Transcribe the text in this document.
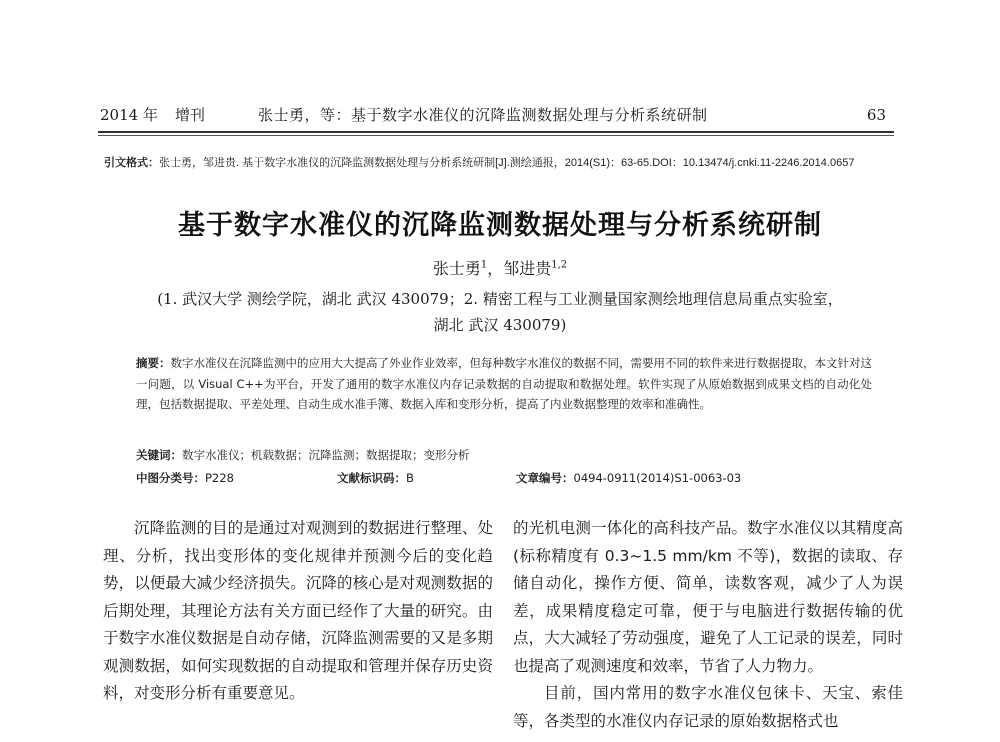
2014 年 增刊	张士勇，等：基于数字水准仪的沉降监测数据处理与分析系统研制	63
引文格式：张士勇，邹进贵. 基于数字水准仪的沉降监测数据处理与分析系统研制[J].测绘通报，2014(S1)：63-65.DOI：10.13474/j.cnki.11-2246.2014.0657
基于数字水准仪的沉降监测数据处理与分析系统研制
张士勇$^1$，邹进贵$^{1,2}$
(1. 武汉大学 测绘学院，湖北 武汉 430079；2. 精密工程与工业测量国家测绘地理信息局重点实验室，
湖北 武汉 430079)
摘要：数字水准仪在沉降监测中的应用大大提高了外业作业效率，但每种数字水准仪的数据不同，需要用不同的软件来进行数据提取，本文针对这一问题，以 Visual C++为平台，开发了通用的数字水准仪内存记录数据的自动提取和数据处理。软件实现了从原始数据到成果文档的自动化处理，包括数据提取、平差处理、自动生成水准手簿、数据入库和变形分析，提高了内业数据整理的效率和准确性。
关键词：数字水准仪；机载数据；沉降监测；数据提取；变形分析
中图分类号：P228	文献标识码：B	文章编号：0494-0911(2014)S1-0063-03

沉降监测的目的是通过对观测到的数据进行整理、处理、分析，找出变形体的变化规律并预测今后的变化趋势，以便最大减少经济损失。沉降的核心是对观测数据的后期处理，其理论方法有关方面已经作了大量的研究。由于数字水准仪数据是自动存储，沉降监测需要的又是多期观测数据，如何实现数据的自动提取和管理并保存历史资料，对变形分析有重要意见。

的光机电测一体化的高科技产品。数字水准仪以其精度高(标称精度有 0.3~1.5 mm/km 不等)，数据的读取、存储自动化，操作方便、简单，读数客观，减少了人为误差，成果精度稳定可靠，便于与电脑进行数据传输的优点，大大减轻了劳动强度，避免了人工记录的误差，同时也提高了观测速度和效率，节省了人力物力。

目前，国内常用的数字水准仪包徕卡、天宝、索佳等，各类型的水准仪内存记录的原始数据格式也
